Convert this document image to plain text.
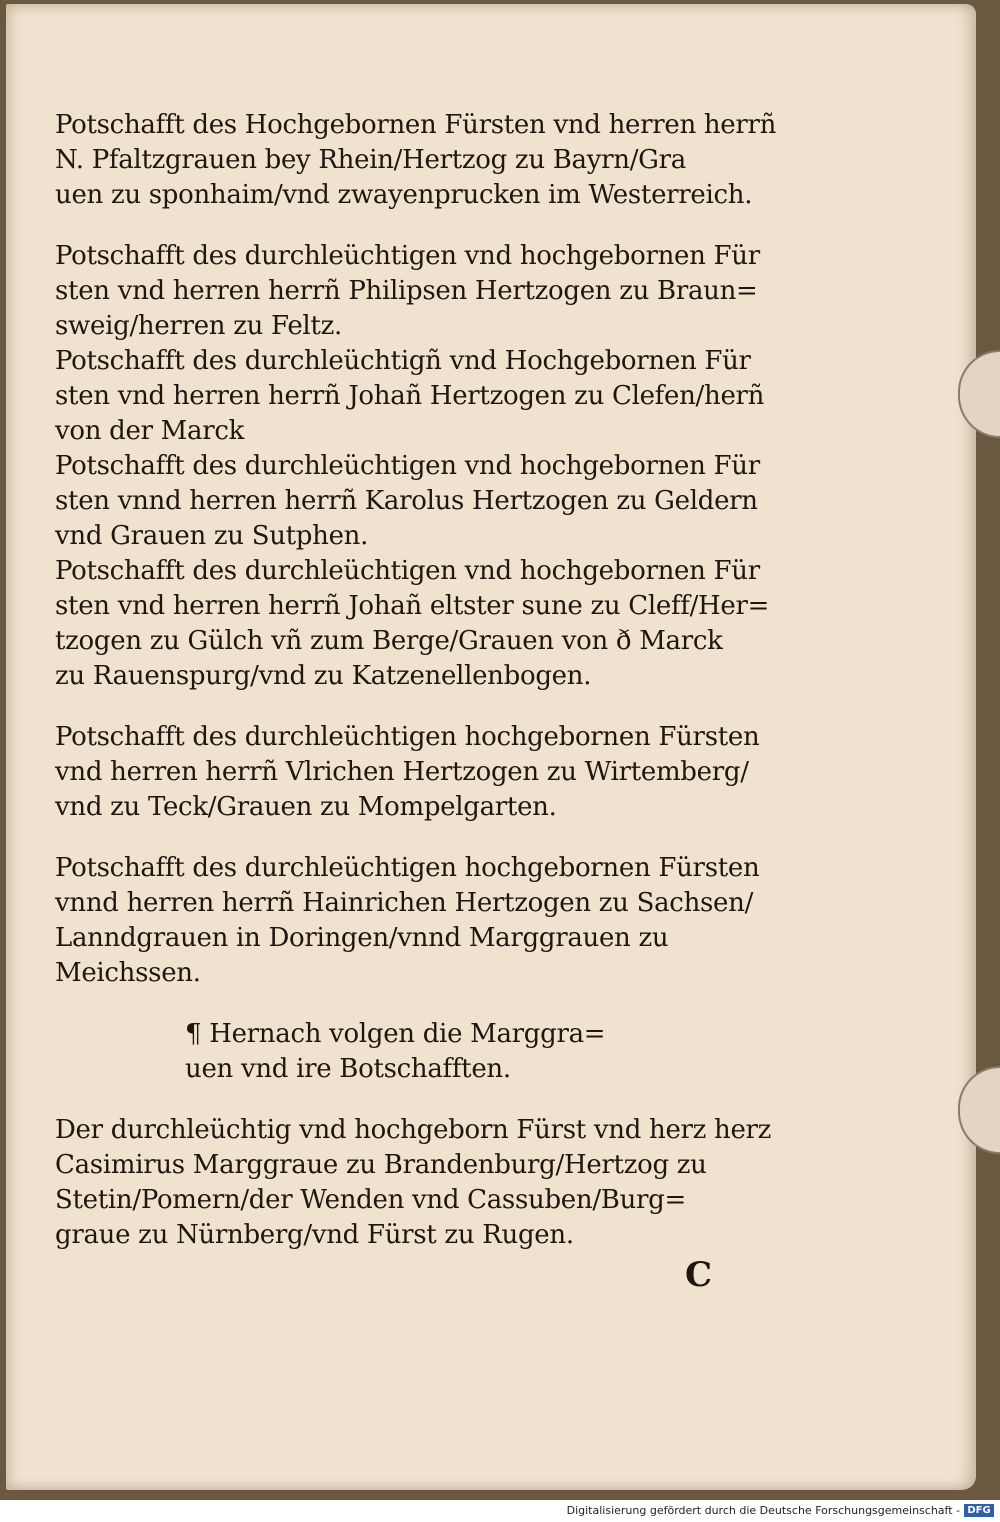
Potschafft des Hochgebornen Fürsten vnd herren herrñ
N. Pfaltzgrauen bey Rhein/Hertzog zu Bayrn/Gra
uen zu sponhaim/vnd zwayenprucken im Westerreich.
Potschafft des durchleüchtigen vnd hochgebornen Für
sten vnd herren herrñ Philipsen Hertzogen zu Braun=
sweig/herren zu Feltz.
Potschafft des durchleüchtigñ vnd Hochgebornen Für
sten vnd herren herrñ Johañ Hertzogen zu Clefen/herñ
von der Marck
Potschafft des durchleüchtigen vnd hochgebornen Für
sten vnnd herren herrñ Karolus Hertzogen zu Geldern
vnd Grauen zu Sutphen.
Potschafft des durchleüchtigen vnd hochgebornen Für
sten vnd herren herrñ Johañ eltster sune zu Cleff/Her=
tzogen zu Gülch vñ zum Berge/Grauen von ð Marck
zu Rauenspurg/vnd zu Katzenellenbogen.
Potschafft des durchleüchtigen hochgebornen Fürsten
vnd herren herrñ Vlrichen Hertzogen zu Wirtemberg/
vnd zu Teck/Grauen zu Mompelgarten.
Potschafft des durchleüchtigen hochgebornen Fürsten
vnnd herren herrñ Hainrichen Hertzogen zu Sachsen/
Lanndgrauen in Doringen/vnnd Marggrauen zu
Meichssen.
¶ Hernach volgen die Marggra=
uen vnd ire Botschafften.
Der durchleüchtig vnd hochgeborn Fürst vnd herz herz
Casimirus Marggraue zu Brandenburg/Hertzog zu
Stetin/Pomern/der Wenden vnd Cassuben/Burg=
graue zu Nürnberg/vnd Fürst zu Rugen.
C
Digitalisierung gefördert durch die Deutsche Forschungsgemeinschaft - DFG
